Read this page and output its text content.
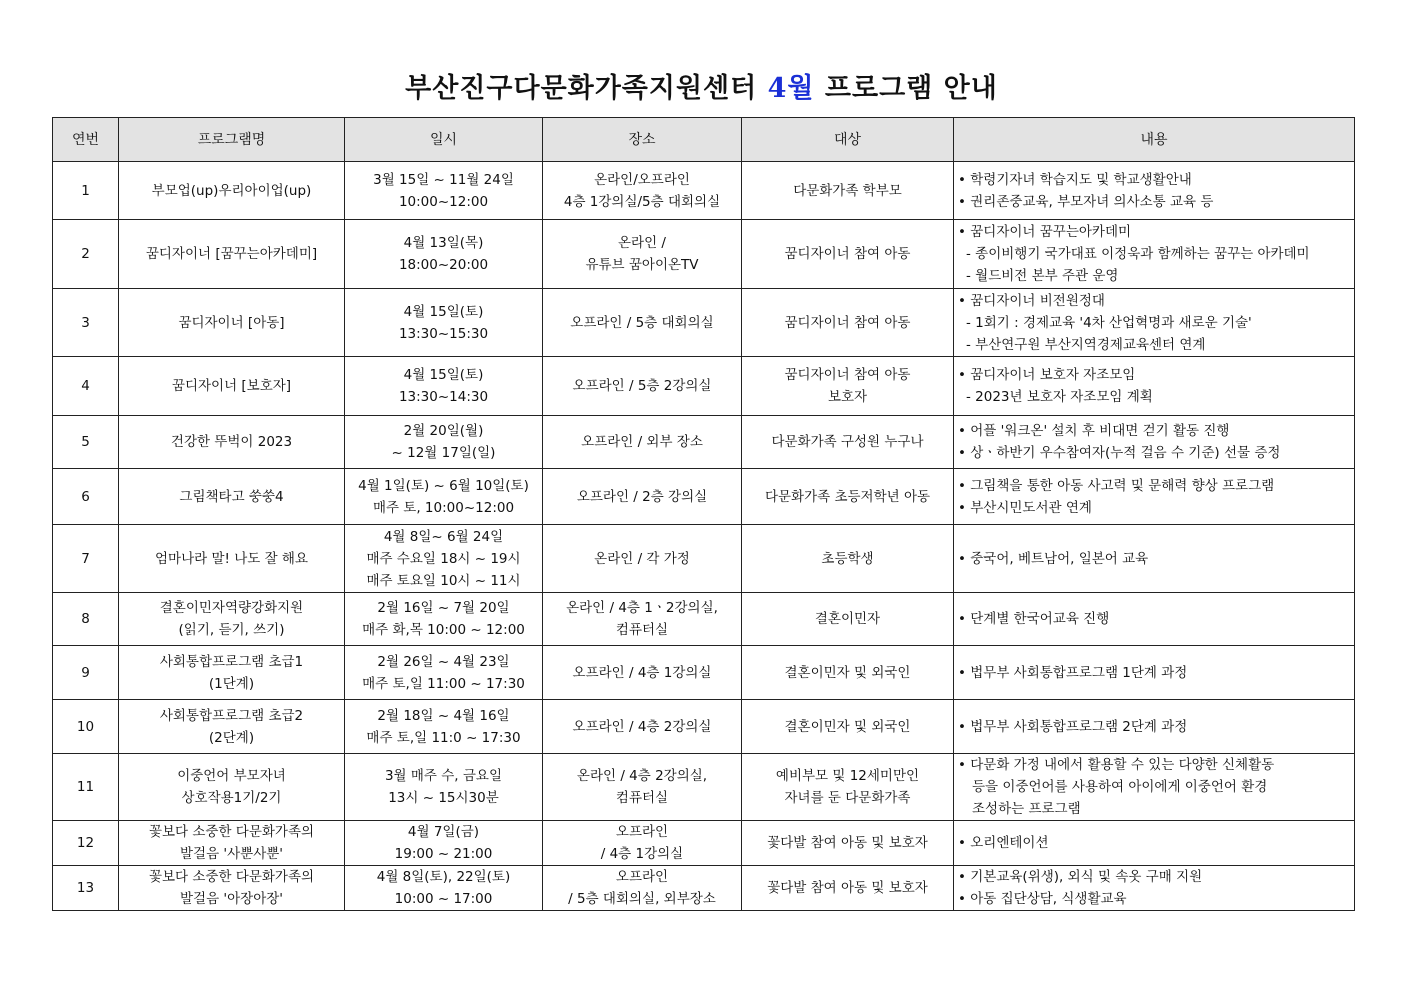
부산진구다문화가족지원센터 4월 프로그램 안내
연번	프로그램명	일시	장소	대상	내용
1	부모업(up)우리아이업(up)	3월 15일 ~ 11월 24일
10:00~12:00	온라인/오프라인
4층 1강의실/5층 대회의실	다문화가족 학부모	• 학령기자녀 학습지도 및 학교생활안내
• 권리존중교육, 부모자녀 의사소통 교육 등

2	꿈디자이너 [꿈꾸는아카데미]	4월 13일(목)
18:00~20:00	온라인 /
유튜브 꿈아이온TV	꿈디자이너 참여 아동	• 꿈디자이너 꿈꾸는아카데미
- 종이비행기 국가대표 이정욱과 함께하는 꿈꾸는 아카데미
- 월드비전 본부 주관 운영

3	꿈디자이너 [아동]	4월 15일(토)
13:30~15:30	오프라인 / 5층 대회의실	꿈디자이너 참여 아동	• 꿈디자이너 비전원정대
- 1회기 : 경제교육 '4차 산업혁명과 새로운 기술'
- 부산연구원 부산지역경제교육센터 연계

4	꿈디자이너 [보호자]	4월 15일(토)
13:30~14:30	오프라인 / 5층 2강의실	꿈디자이너 참여 아동
보호자	• 꿈디자이너 보호자 자조모임
- 2023년 보호자 자조모임 계획

5	건강한 뚜벅이 2023	2월 20일(월)
~ 12월 17일(일)	오프라인 / 외부 장소	다문화가족 구성원 누구나	• 어플 '워크온' 설치 후 비대면 걷기 활동 진행
• 상ㆍ하반기 우수참여자(누적 걸음 수 기준) 선물 증정

6	그림책타고 쑹쑹4	4월 1일(토) ~ 6월 10일(토)
매주 토, 10:00~12:00	오프라인 / 2층 강의실	다문화가족 초등저학년 아동	• 그림책을 통한 아동 사고력 및 문해력 향상 프로그램
• 부산시민도서관 연계

7	엄마나라 말! 나도 잘 해요	4월 8일~ 6월 24일
매주 수요일 18시 ~ 19시
매주 토요일 10시 ~ 11시	온라인 / 각 가정	초등학생	• 중국어, 베트남어, 일본어 교육

8	결혼이민자역량강화지원
(읽기, 듣기, 쓰기)	2월 16일 ~ 7월 20일
매주 화,목 10:00 ~ 12:00	온라인 / 4층 1ㆍ2강의실,
컴퓨터실	결혼이민자	• 단계별 한국어교육 진행

9	사회통합프로그램 초급1
(1단계)	2월 26일 ~ 4월 23일
매주 토,일 11:00 ~ 17:30	오프라인 / 4층 1강의실	결혼이민자 및 외국인	• 법무부 사회통합프로그램 1단계 과정

10	사회통합프로그램 초급2
(2단계)	2월 18일 ~ 4월 16일
매주 토,일 11:0 ~ 17:30	오프라인 / 4층 2강의실	결혼이민자 및 외국인	• 법무부 사회통합프로그램 2단계 과정

11	이중언어 부모자녀
상호작용1기/2기	3월 매주 수, 금요일
13시 ~ 15시30분	온라인 / 4층 2강의실,
컴퓨터실	예비부모 및 12세미만인
자녀를 둔 다문화가족	• 다문화 가정 내에서 활용할 수 있는 다양한 신체활동
등을 이중언어를 사용하여 아이에게 이중언어 환경
조성하는 프로그램

12	꽃보다 소중한 다문화가족의
발걸음 '사뿐사뿐'	4월 7일(금)
19:00 ~ 21:00	오프라인
/ 4층 1강의실	꽃다발 참여 아동 및 보호자	• 오리엔테이션

13	꽃보다 소중한 다문화가족의
발걸음 '아장아장'	4월 8일(토), 22일(토)
10:00 ~ 17:00	오프라인
/ 5층 대회의실, 외부장소	꽃다발 참여 아동 및 보호자	• 기본교육(위생), 외식 및 속옷 구매 지원
• 아동 집단상담, 식생활교육
